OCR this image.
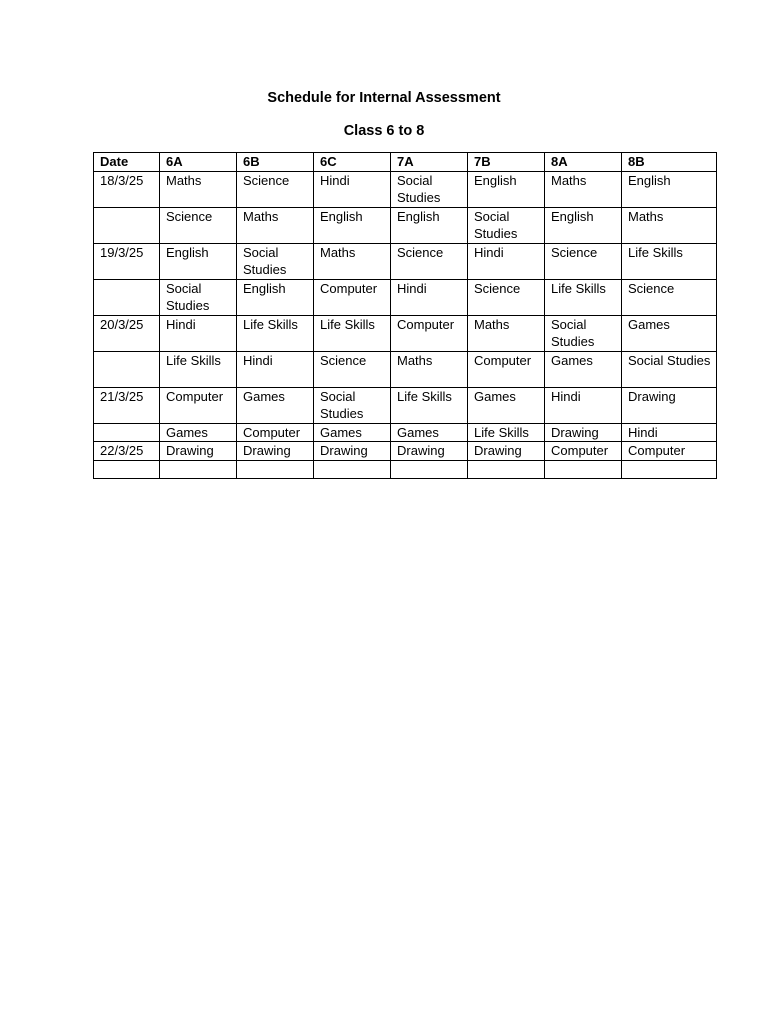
Schedule for Internal Assessment
Class 6 to 8
Date	6A	6B	6C	7A	7B	8A	8B
18/3/25	Maths	Science	Hindi	Social Studies	English	Maths	English
	Science	Maths	English	English	Social Studies	English	Maths
19/3/25	English	Social Studies	Maths	Science	Hindi	Science	Life Skills
	Social Studies	English	Computer	Hindi	Science	Life Skills	Science
20/3/25	Hindi	Life Skills	Life Skills	Computer	Maths	Social Studies	Games
	Life Skills	Hindi	Science	Maths	Computer	Games	Social Studies
21/3/25	Computer	Games	Social Studies	Life Skills	Games	Hindi	Drawing
	Games	Computer	Games	Games	Life Skills	Drawing	Hindi
22/3/25	Drawing	Drawing	Drawing	Drawing	Drawing	Computer	Computer
